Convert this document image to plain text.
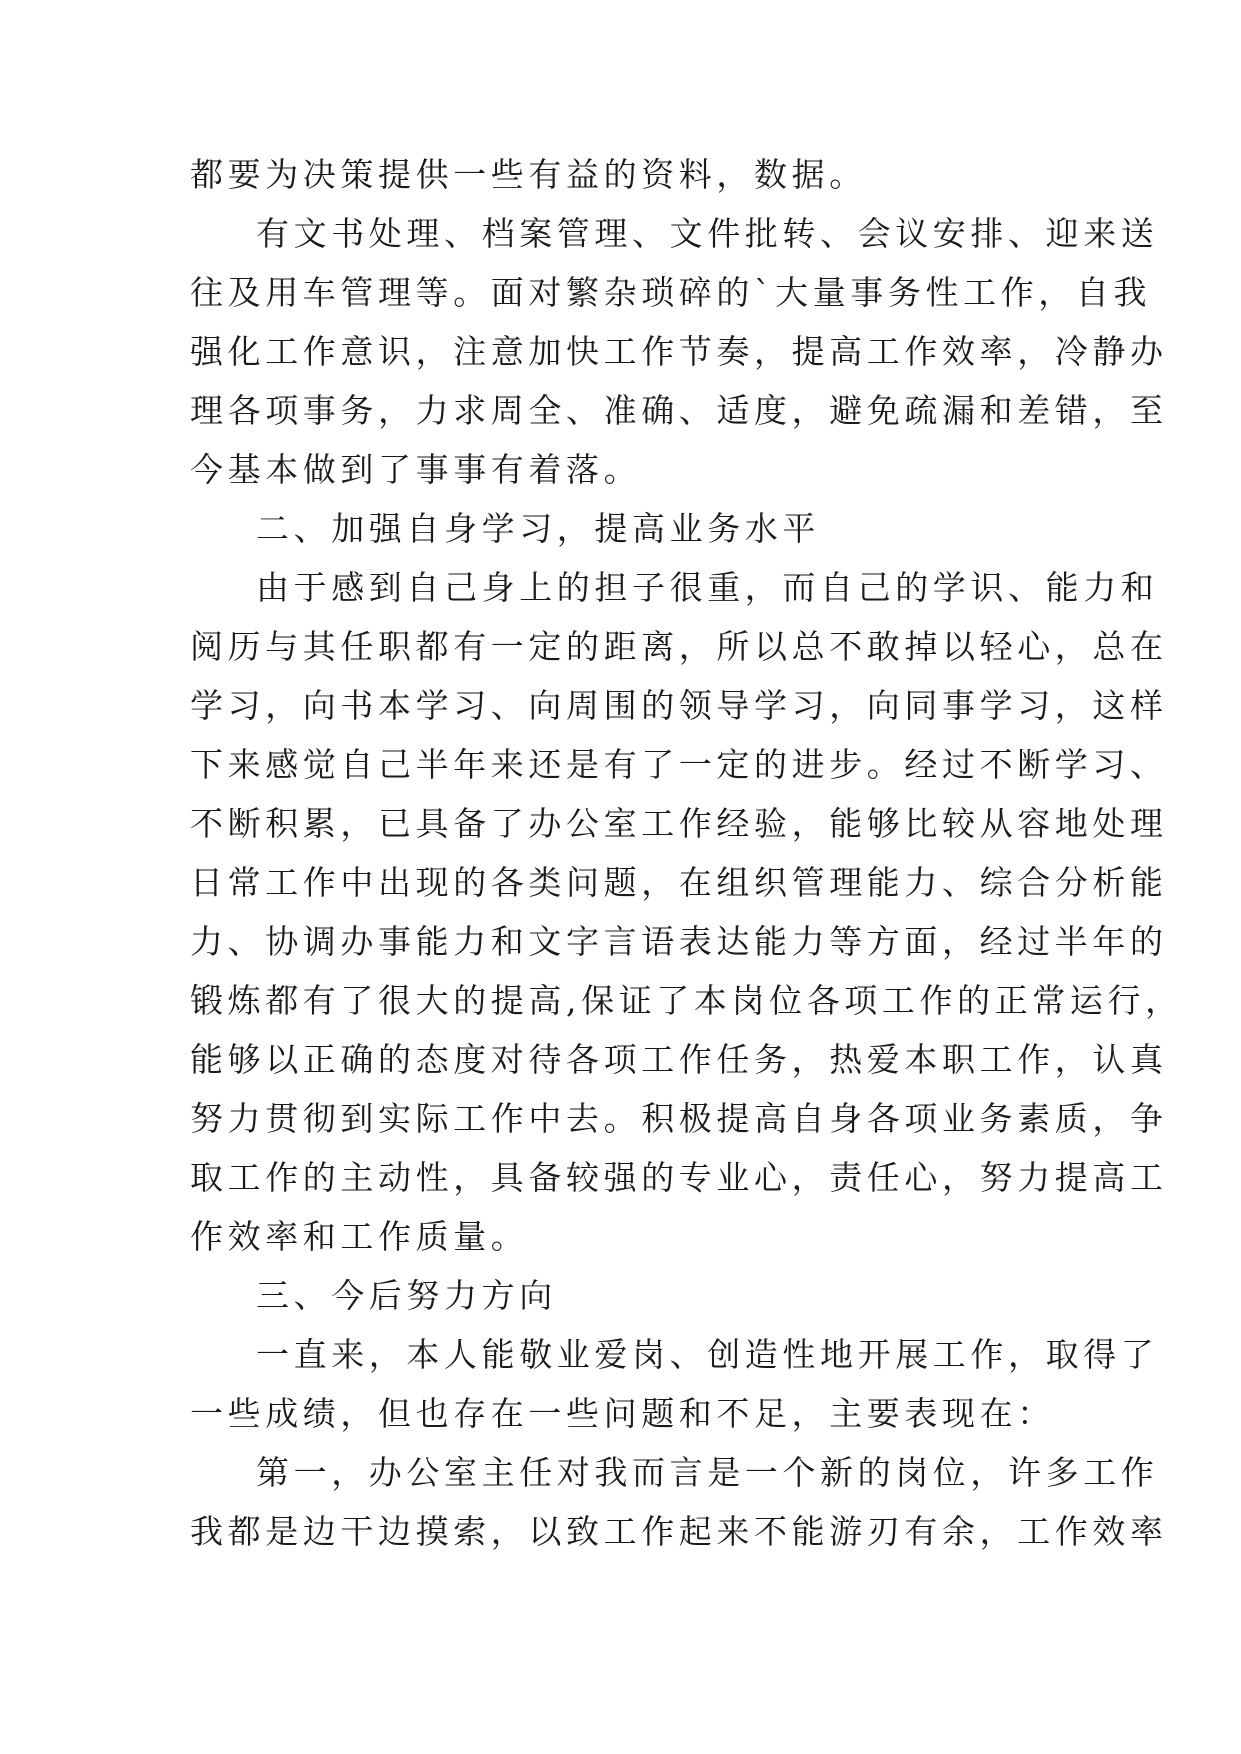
都要为决策提供一些有益的资料，数据。
有文书处理、档案管理、文件批转、会议安排、迎来送
往及用车管理等。面对繁杂琐碎的`大量事务性工作，自我
强化工作意识，注意加快工作节奏，提高工作效率，冷静办
理各项事务，力求周全、准确、适度，避免疏漏和差错，至
今基本做到了事事有着落。
二、加强自身学习，提高业务水平
由于感到自己身上的担子很重，而自己的学识、能力和
阅历与其任职都有一定的距离，所以总不敢掉以轻心，总在
学习，向书本学习、向周围的领导学习，向同事学习，这样
下来感觉自己半年来还是有了一定的进步。经过不断学习、
不断积累，已具备了办公室工作经验，能够比较从容地处理
日常工作中出现的各类问题，在组织管理能力、综合分析能
力、协调办事能力和文字言语表达能力等方面，经过半年的
锻炼都有了很大的提高,保证了本岗位各项工作的正常运行，
能够以正确的态度对待各项工作任务，热爱本职工作，认真
努力贯彻到实际工作中去。积极提高自身各项业务素质，争
取工作的主动性，具备较强的专业心，责任心，努力提高工
作效率和工作质量。
三、今后努力方向
一直来，本人能敬业爱岗、创造性地开展工作，取得了
一些成绩，但也存在一些问题和不足，主要表现在：
第一，办公室主任对我而言是一个新的岗位，许多工作
我都是边干边摸索，以致工作起来不能游刃有余，工作效率
